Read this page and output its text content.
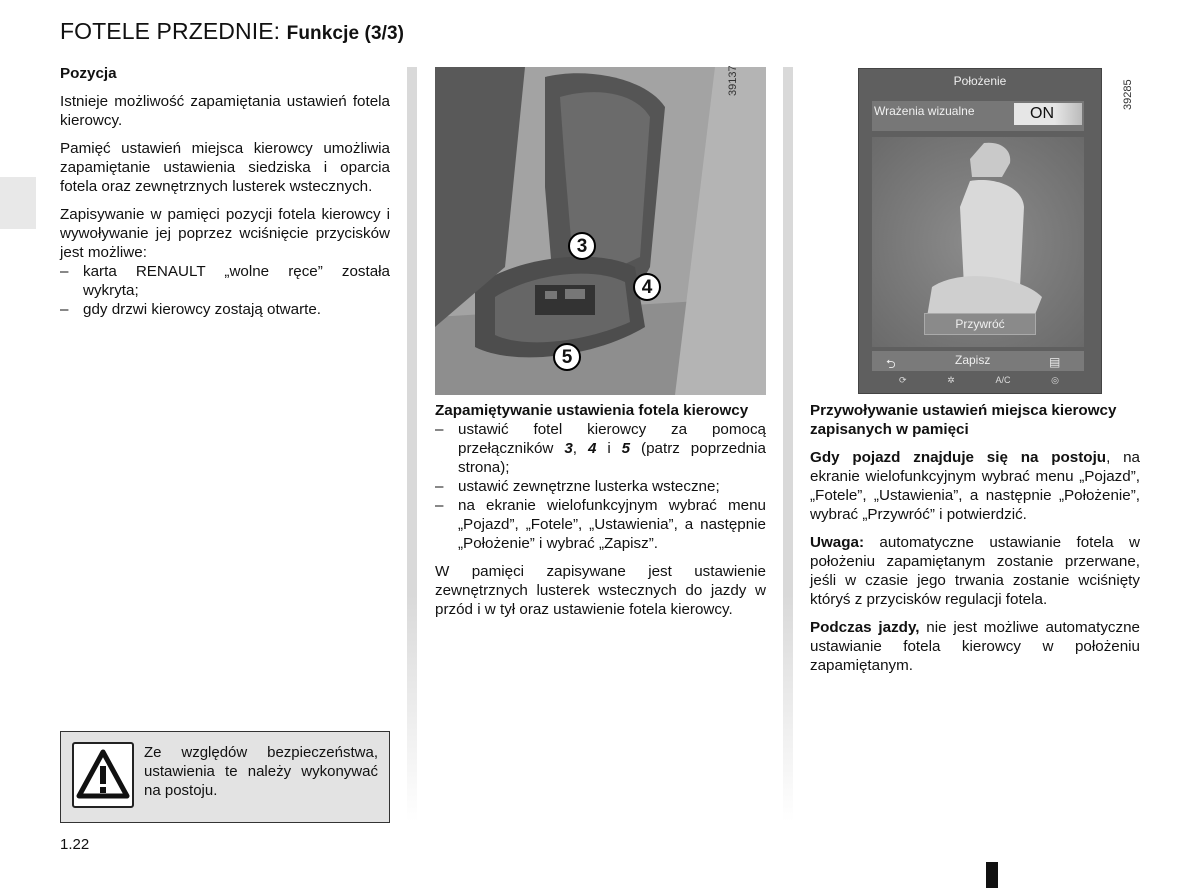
FOTELE PRZEDNIE: Funkcje (3/3)
Pozycja

Istnieje możliwość zapamiętania ustawień fotela kierowcy.

Pamięć ustawień miejsca kierowcy umożliwia zapamiętanie ustawienia siedziska i oparcia fotela oraz zewnętrznych lusterek wstecznych.

Zapisywanie w pamięci pozycji fotela kierowcy i wywoływanie jej poprzez wciśnięcie przycisków jest możliwe:

– karta RENAULT „wolne ręce” została wykryta;
– gdy drzwi kierowcy zostają otwarte.
Ze względów bezpieczeństwa, ustawienia te należy wykonywać na postoju.
1.22
39137
3
4
5
Zapamiętywanie ustawienia fotela kierowcy
– ustawić fotel kierowcy za pomocą przełączników 3, 4 i 5 (patrz poprzednia strona);
– ustawić zewnętrzne lusterka wsteczne;
– na ekranie wielofunkcyjnym wybrać menu „Pojazd”, „Fotele”, „Ustawienia”, a następnie „Położenie” i wybrać „Zapisz”.

W pamięci zapisywane jest ustawienie zewnętrznych lusterek wstecznych do jazdy w przód i w tył oraz ustawienie fotela kierowcy.

Położenie
Wrażenia wizualne	ON
Przywróć
⮌	Zapisz	▤
⟳	✲	A/C	◎
39285
Przywoływanie ustawień miejsca kierowcy zapisanych w pamięci

Gdy pojazd znajduje się na postoju, na ekranie wielofunkcyjnym wybrać menu „Pojazd”, „Fotele”, „Ustawienia”, a następnie „Położenie”, wybrać „Przywróć” i potwierdzić.

Uwaga: automatyczne ustawianie fotela w położeniu zapamiętanym zostanie przerwane, jeśli w czasie jego trwania zostanie wciśnięty któryś z przycisków regulacji fotela.

Podczas jazdy, nie jest możliwe automatyczne ustawianie fotela kierowcy w położeniu zapamiętanym.
